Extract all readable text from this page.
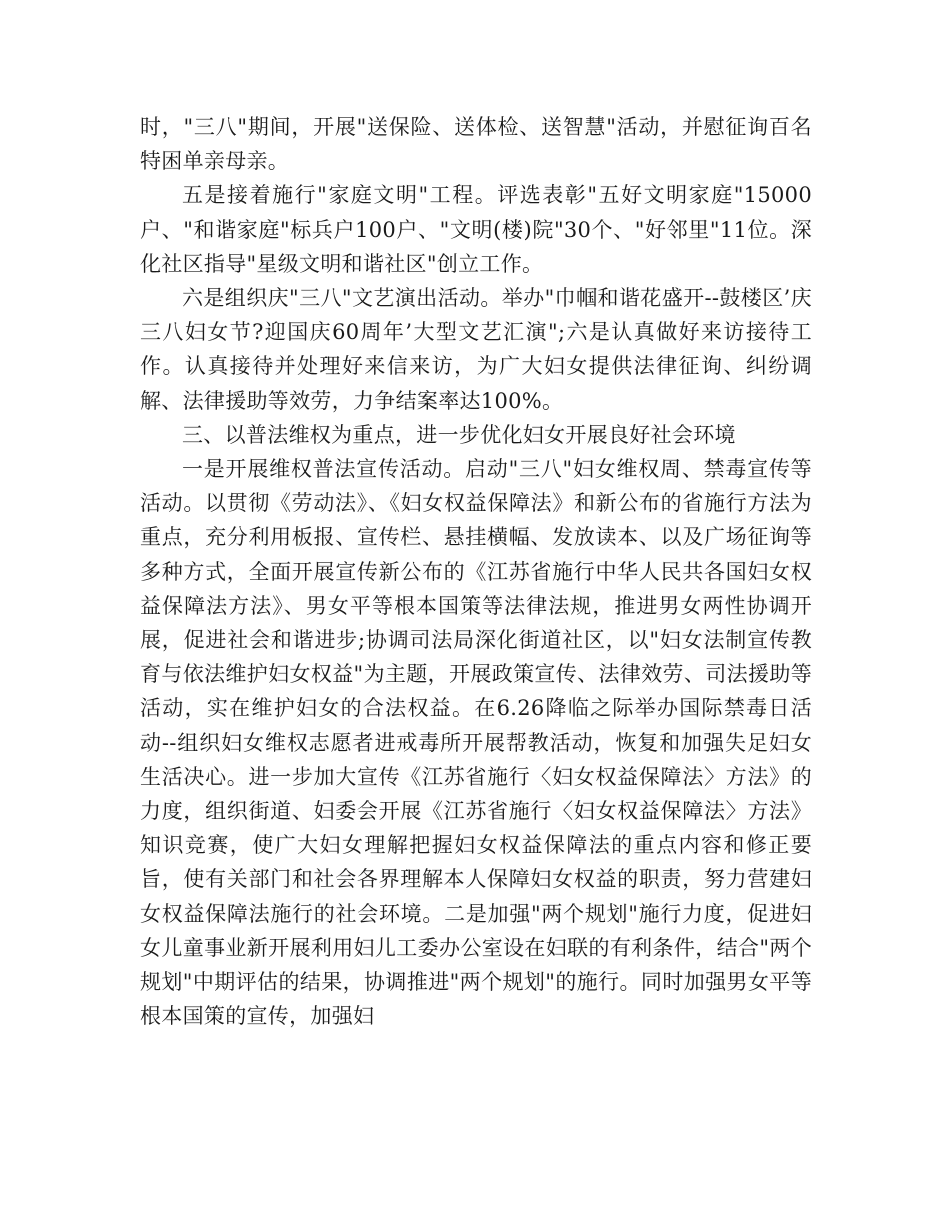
时，"三八"期间，开展"送保险、送体检、送智慧"活动，并慰征询百名特困单亲母亲。

五是接着施行"家庭文明"工程。评选表彰"五好文明家庭"15000户、"和谐家庭"标兵户100户、"文明(楼)院"30个、"好邻里"11位。深化社区指导"星级文明和谐社区"创立工作。

六是组织庆"三八"文艺演出活动。举办"巾帼和谐花盛开--鼓楼区’庆三八妇女节?迎国庆60周年’大型文艺汇演";六是认真做好来访接待工作。认真接待并处理好来信来访，为广大妇女提供法律征询、纠纷调解、法律援助等效劳，力争结案率达100%。

三、以普法维权为重点，进一步优化妇女开展良好社会环境

一是开展维权普法宣传活动。启动"三八"妇女维权周、禁毒宣传等活动。以贯彻《劳动法》、《妇女权益保障法》和新公布的省施行方法为重点，充分利用板报、宣传栏、悬挂横幅、发放读本、以及广场征询等多种方式，全面开展宣传新公布的《江苏省施行中华人民共各国妇女权益保障法方法》、男女平等根本国策等法律法规，推进男女两性协调开展，促进社会和谐进步;协调司法局深化街道社区，以"妇女法制宣传教育与依法维护妇女权益"为主题，开展政策宣传、法律效劳、司法援助等活动，实在维护妇女的合法权益。在6.26降临之际举办国际禁毒日活动--组织妇女维权志愿者进戒毒所开展帮教活动，恢复和加强失足妇女生活决心。进一步加大宣传《江苏省施行〈妇女权益保障法〉方法》的力度，组织街道、妇委会开展《江苏省施行〈妇女权益保障法〉方法》知识竞赛，使广大妇女理解把握妇女权益保障法的重点内容和修正要旨，使有关部门和社会各界理解本人保障妇女权益的职责，努力营建妇女权益保障法施行的社会环境。二是加强"两个规划"施行力度，促进妇女儿童事业新开展利用妇儿工委办公室设在妇联的有利条件，结合"两个规划"中期评估的结果，协调推进"两个规划"的施行。同时加强男女平等根本国策的宣传，加强妇
